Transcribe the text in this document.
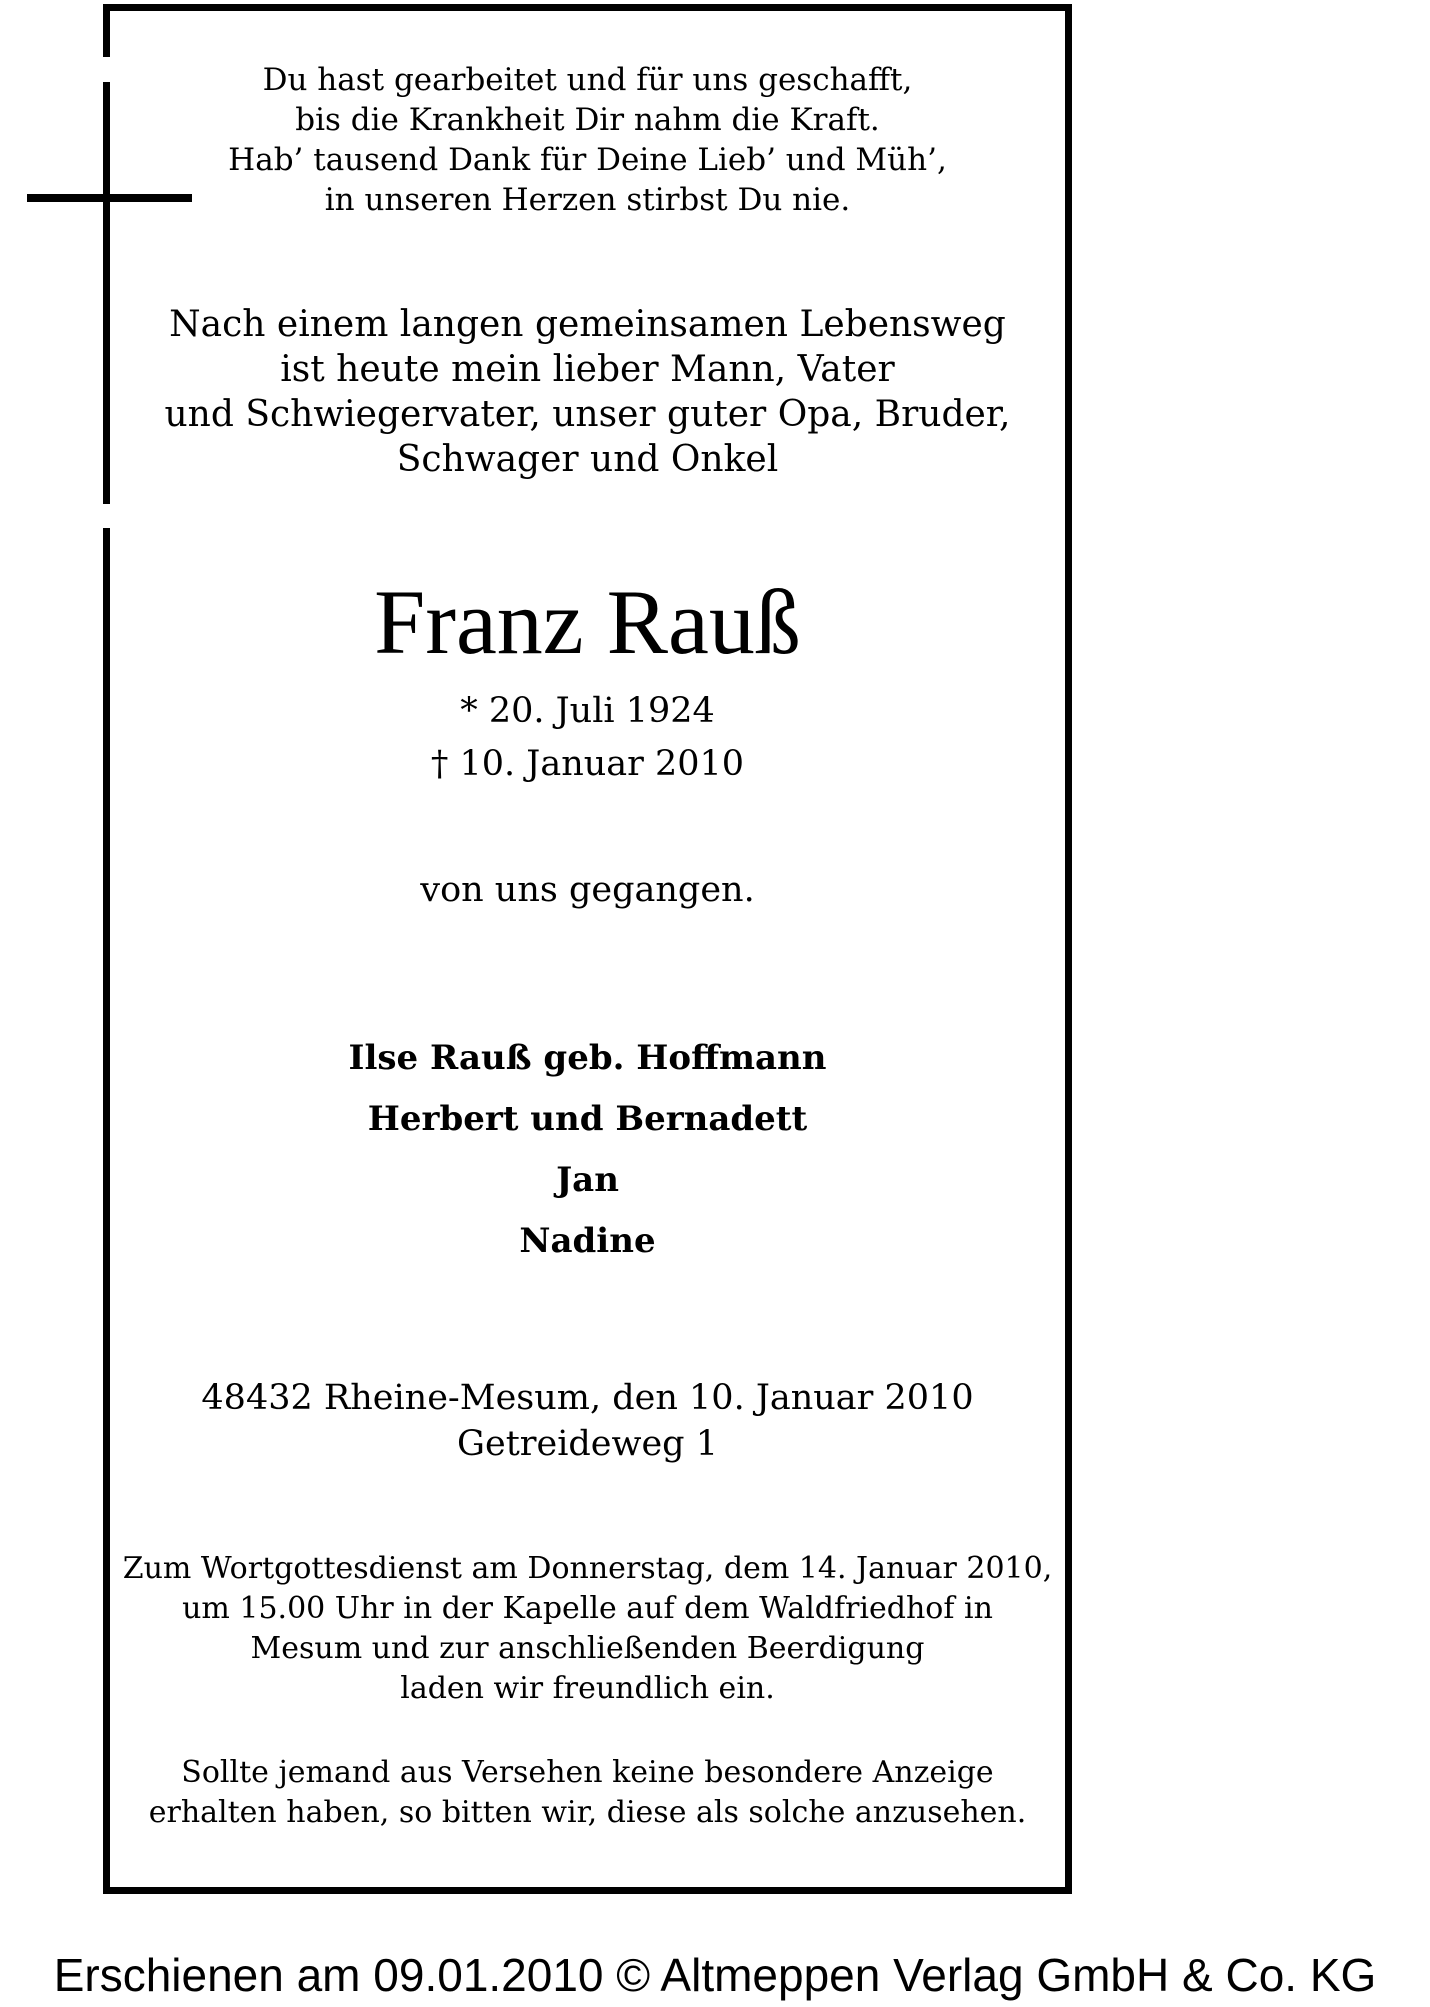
Du hast gearbeitet und für uns geschafft,
bis die Krankheit Dir nahm die Kraft.
Hab’ tausend Dank für Deine Lieb’ und Müh’,
in unseren Herzen stirbst Du nie.
Nach einem langen gemeinsamen Lebensweg
ist heute mein lieber Mann, Vater
und Schwiegervater, unser guter Opa, Bruder,
Schwager und Onkel
Franz Rauß
* 20. Juli 1924
† 10. Januar 2010
von uns gegangen.
Ilse Rauß geb. Hoffmann
Herbert und Bernadett
Jan
Nadine
48432 Rheine-Mesum, den 10. Januar 2010
Getreideweg 1
Zum Wortgottesdienst am Donnerstag, dem 14. Januar 2010,
um 15.00 Uhr in der Kapelle auf dem Waldfriedhof in
Mesum und zur anschließenden Beerdigung
laden wir freundlich ein.
Sollte jemand aus Versehen keine besondere Anzeige
erhalten haben, so bitten wir, diese als solche anzusehen.
Erschienen am 09.01.2010 © Altmeppen Verlag GmbH & Co. KG
